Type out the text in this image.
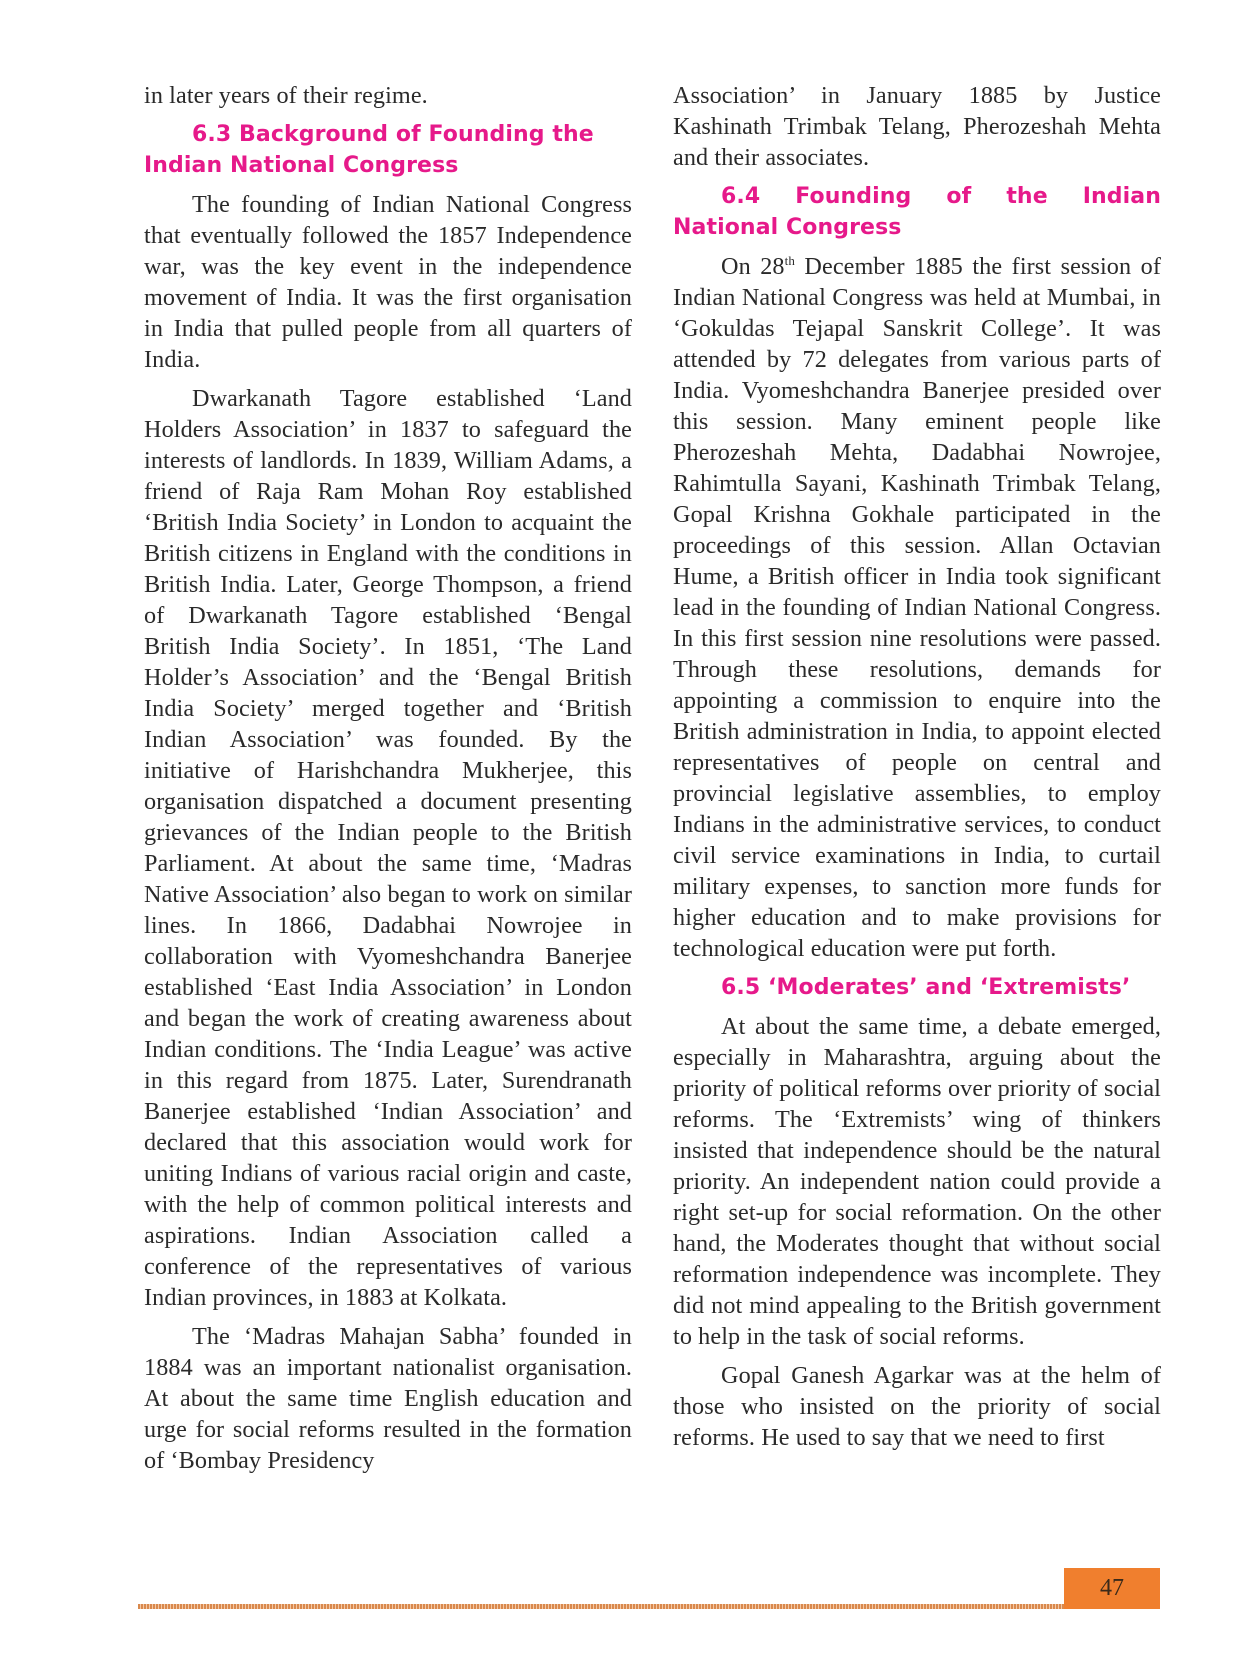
in later years of their regime.

6.3 Background of Founding the Indian National Congress

The founding of Indian National Congress that eventually followed the 1857 Independence war, was the key event in the independence movement of India. It was the first organisation in India that pulled people from all quarters of India.

Dwarkanath Tagore established ‘Land Holders Association’ in 1837 to safeguard the interests of landlords. In 1839, William Adams, a friend of Raja Ram Mohan Roy established ‘British India Society’ in London to acquaint the British citizens in England with the conditions in British India. Later, George Thompson, a friend of Dwarkanath Tagore established ‘Bengal British India Society’. In 1851, ‘The Land Holder’s Association’ and the ‘Bengal British India Society’ merged together and ‘British Indian Association’ was founded. By the initiative of Harishchandra Mukherjee, this organisation dispatched a document presenting grievances of the Indian people to the British Parliament. At about the same time, ‘Madras Native Association’ also began to work on similar lines. In 1866, Dadabhai Nowrojee in collaboration with Vyomeshchandra Banerjee established ‘East India Association’ in London and began the work of creating awareness about Indian conditions. The ‘India League’ was active in this regard from 1875. Later, Surendranath Banerjee established ‘Indian Association’ and declared that this association would work for uniting Indians of various racial origin and caste, with the help of common political interests and aspirations. Indian Association called a conference of the representatives of various Indian provinces, in 1883 at Kolkata.

The ‘Madras Mahajan Sabha’ founded in 1884 was an important nationalist organisation. At about the same time English education and urge for social reforms resulted in the formation of ‘Bombay Presidency

Association’ in January 1885 by Justice Kashinath Trimbak Telang, Pherozeshah Mehta and their associates.

6.4 Founding of the Indian National Congress

On 28th December 1885 the first session of Indian National Congress was held at Mumbai, in ‘Gokuldas Tejapal Sanskrit College’. It was attended by 72 delegates from various parts of India. Vyomeshchandra Banerjee presided over this session. Many eminent people like Pherozeshah Mehta, Dadabhai Nowrojee, Rahimtulla Sayani, Kashinath Trimbak Telang, Gopal Krishna Gokhale participated in the proceedings of this session. Allan Octavian Hume, a British officer in India took significant lead in the founding of Indian National Congress. In this first session nine resolutions were passed. Through these resolutions, demands for appointing a commission to enquire into the British administration in India, to appoint elected representatives of people on central and provincial legislative assemblies, to employ Indians in the administrative services, to conduct civil service examinations in India, to curtail military expenses, to sanction more funds for higher education and to make provisions for technological education were put forth.

6.5 ‘Moderates’ and ‘Extremists’

At about the same time, a debate emerged, especially in Maharashtra, arguing about the priority of political reforms over priority of social reforms. The ‘Extremists’ wing of thinkers insisted that independence should be the natural priority. An independent nation could provide a right set-up for social reformation. On the other hand, the Moderates thought that without social reformation independence was incomplete. They did not mind appealing to the British government to help in the task of social reforms.

Gopal Ganesh Agarkar was at the helm of those who insisted on the priority of social reforms. He used to say that we need to first

47
